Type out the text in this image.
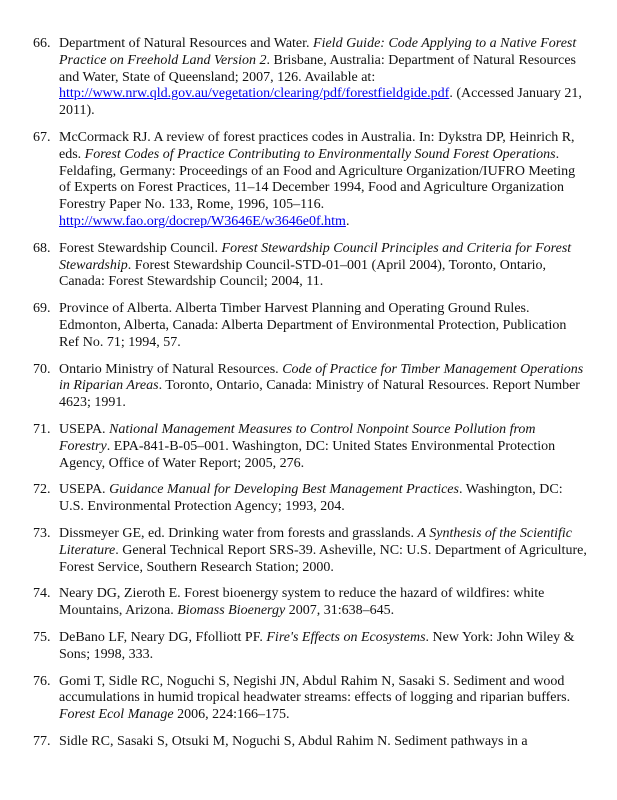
66. Department of Natural Resources and Water. Field Guide: Code Applying to a Native Forest Practice on Freehold Land Version 2. Brisbane, Australia: Department of Natural Resources and Water, State of Queensland; 2007, 126. Available at: http://www.nrw.qld.gov.au/vegetation/clearing/pdf/forestfieldgide.pdf. (Accessed January 21, 2011).
67. McCormack RJ. A review of forest practices codes in Australia. In: Dykstra DP, Heinrich R, eds. Forest Codes of Practice Contributing to Environmentally Sound Forest Operations. Feldafing, Germany: Proceedings of an Food and Agriculture Organization/IUFRO Meeting of Experts on Forest Practices, 11–14 December 1994, Food and Agriculture Organization Forestry Paper No. 133, Rome, 1996, 105–116. http://www.fao.org/docrep/W3646E/w3646e0f.htm.
68. Forest Stewardship Council. Forest Stewardship Council Principles and Criteria for Forest Stewardship. Forest Stewardship Council-STD-01–001 (April 2004), Toronto, Ontario, Canada: Forest Stewardship Council; 2004, 11.
69. Province of Alberta. Alberta Timber Harvest Planning and Operating Ground Rules. Edmonton, Alberta, Canada: Alberta Department of Environmental Protection, Publication Ref No. 71; 1994, 57.
70. Ontario Ministry of Natural Resources. Code of Practice for Timber Management Operations in Riparian Areas. Toronto, Ontario, Canada: Ministry of Natural Resources. Report Number 4623; 1991.
71. USEPA. National Management Measures to Control Nonpoint Source Pollution from Forestry. EPA-841-B-05–001. Washington, DC: United States Environmental Protection Agency, Office of Water Report; 2005, 276.
72. USEPA. Guidance Manual for Developing Best Management Practices. Washington, DC: U.S. Environmental Protection Agency; 1993, 204.
73. Dissmeyer GE, ed. Drinking water from forests and grasslands. A Synthesis of the Scientific Literature. General Technical Report SRS-39. Asheville, NC: U.S. Department of Agriculture, Forest Service, Southern Research Station; 2000.
74. Neary DG, Zieroth E. Forest bioenergy system to reduce the hazard of wildfires: white Mountains, Arizona. Biomass Bioenergy 2007, 31:638–645.
75. DeBano LF, Neary DG, Ffolliott PF. Fire's Effects on Ecosystems. New York: John Wiley & Sons; 1998, 333.
76. Gomi T, Sidle RC, Noguchi S, Negishi JN, Abdul Rahim N, Sasaki S. Sediment and wood accumulations in humid tropical headwater streams: effects of logging and riparian buffers. Forest Ecol Manage 2006, 224:166–175.
77. Sidle RC, Sasaki S, Otsuki M, Noguchi S, Abdul Rahim N. Sediment pathways in a
